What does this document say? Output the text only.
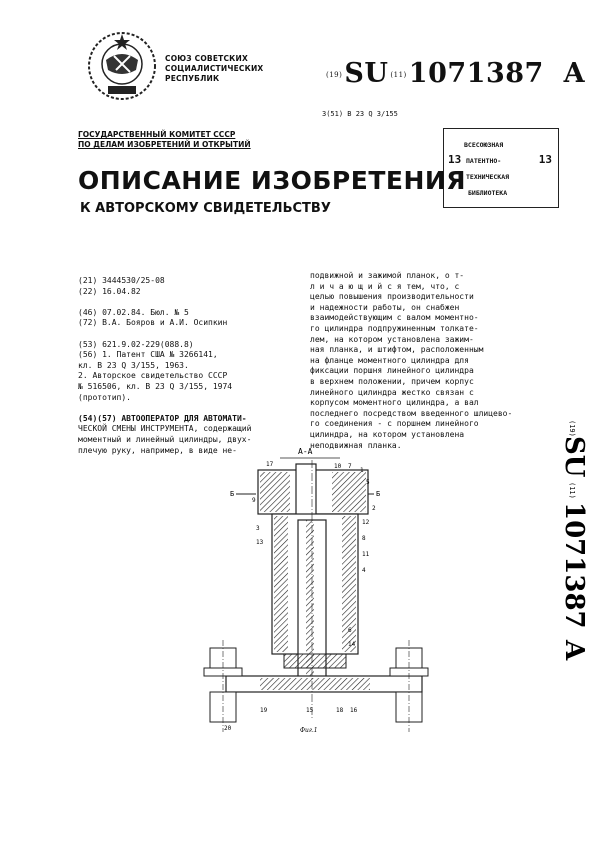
СОЮЗ СОВЕТСКИХ
СОЦИАЛИСТИЧЕСКИХ
РЕСПУБЛИК	(19)SU (11)1071387 A
3(51) В 23 Q 3/155
ГОСУДАРСТВЕННЫЙ КОМИТЕТ СССР
ПО ДЕЛАМ ИЗОБРЕТЕНИЙ И ОТКРЫТИЙ
13	13
ВСЕСОЮЗНАЯ
ПАТЕНТНО-
ТЕХНИЧЕСКАЯ
БИБЛИОТЕКА
ОПИСАНИЕ ИЗОБРЕТЕНИЯ
К АВТОРСКОМУ СВИДЕТЕЛЬСТВУ
(21) 3444530/25-08
(22) 16.04.82

(46) 07.02.84. Бюл. № 5
(72) В.А. Бояров и А.И. Осипкин

(53) 621.9.02-229(088.8)
(56) 1. Патент США № 3266141,
кл. В 23 Q 3/155, 1963.
2. Авторское свидетельство СССР
№ 516506, кл. В 23 Q 3/155, 1974
(прототип).

(54)(57) АВТООПЕРАТОР ДЛЯ АВТОМАТИ-
ЧЕСКОЙ СМЕНЫ ИНСТРУМЕНТА, содержащий
моментный и линейный цилиндры, двух-
плечую руку, например, в виде не-
подвижной и зажимой планок, о т-
л и ч а ю щ и й с я тем, что, с
целью повышения производительности
и надежности работы, он снабжен
взаимодействующим с валом моментно-
го цилиндра подпружиненным толкате-
лем, на котором установлена зажим-
ная планка, и штифтом, расположенным
на фланце моментного цилиндра для
фиксации поршня линейного цилиндра
в верхнем положении, причем корпус
линейного цилиндра жестко связан с
корпусом моментного цилиндра, а вал
последнего посредством введенного шлицево-
го соединения - с поршнем линейного
цилиндра, на котором установлена
неподвижная планка.
(19)
SU
(11)
1071387
A
А-А
Б	Б
17	10 7
1
9
5
2
12
3
8
13
11
4
6
14
15	16
18
19
20	Фиг.1
